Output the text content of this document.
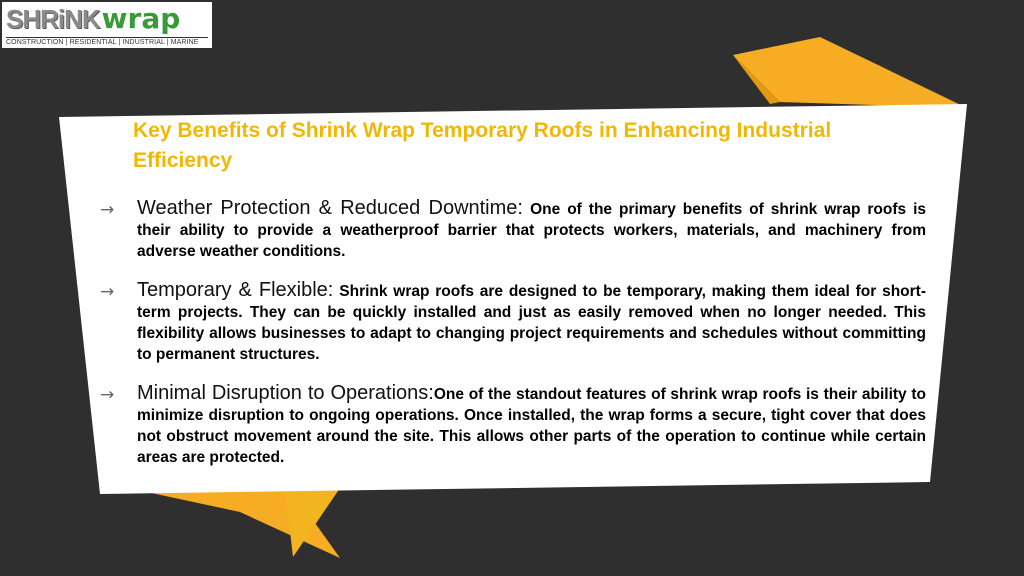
SHRiNKwrap
CONSTRUCTION | RESIDENTIAL | INDUSTRIAL | MARINE
Key Benefits of Shrink Wrap Temporary Roofs in Enhancing Industrial Efficiency
→ Weather Protection & Reduced Downtime: One of the primary benefits of shrink wrap roofs is their ability to provide a weatherproof barrier that protects workers, materials, and machinery from adverse weather conditions.
→ Temporary & Flexible: Shrink wrap roofs are designed to be temporary, making them ideal for short-term projects. They can be quickly installed and just as easily removed when no longer needed. This flexibility allows businesses to adapt to changing project requirements and schedules without committing to permanent structures.
→ Minimal Disruption to Operations:One of the standout features of shrink wrap roofs is their ability to minimize disruption to ongoing operations. Once installed, the wrap forms a secure, tight cover that does not obstruct movement around the site. This allows other parts of the operation to continue while certain areas are protected.
